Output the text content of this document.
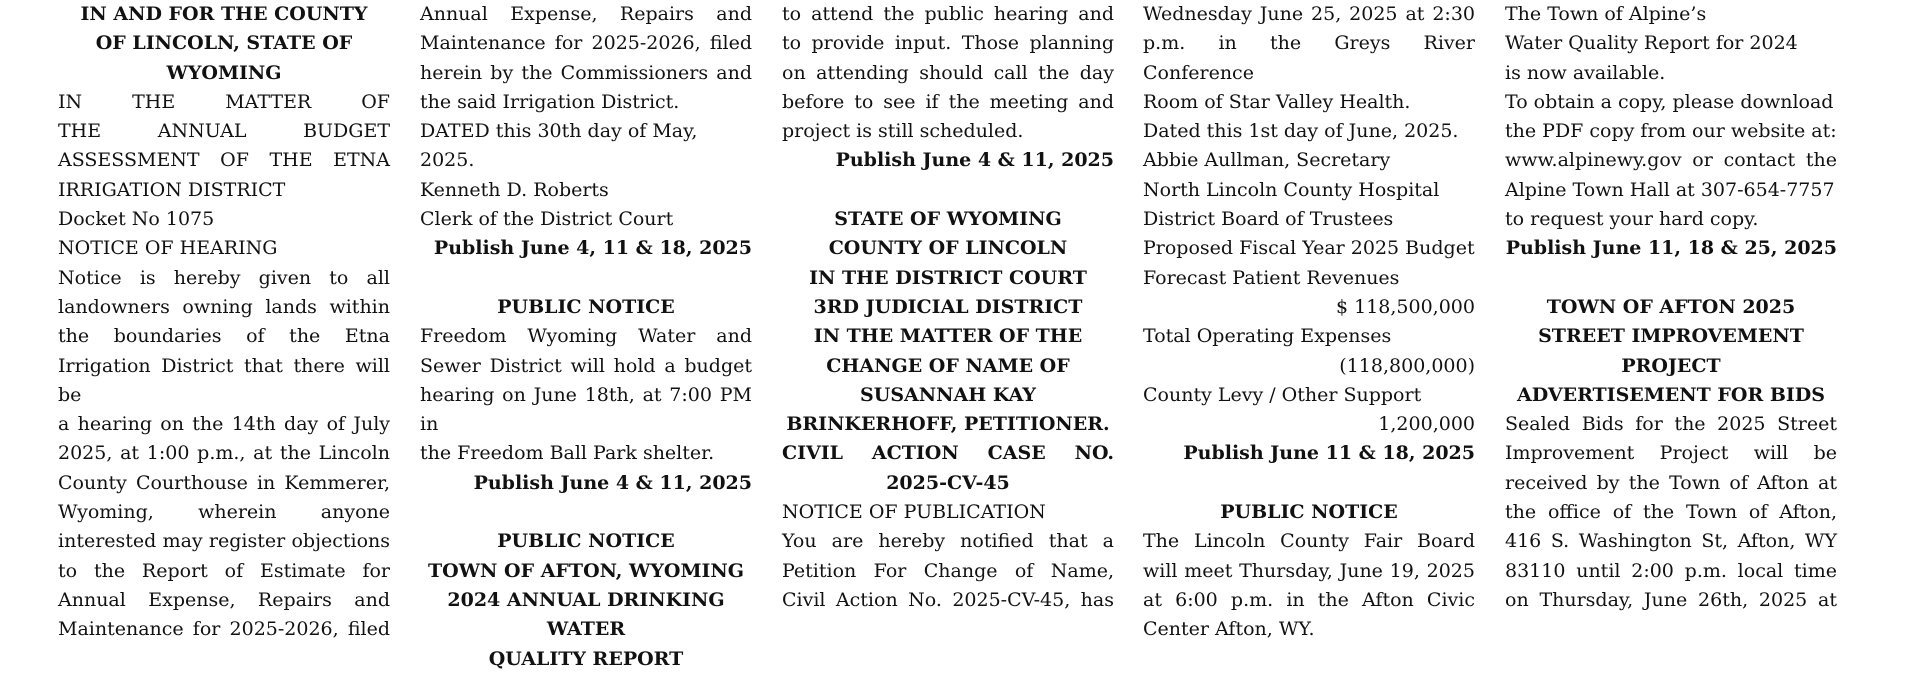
IN AND FOR THE COUNTY
OF LINCOLN, STATE OF
WYOMING
IN THE MATTER OF
THE ANNUAL BUDGET
ASSESSMENT OF THE ETNA
IRRIGATION DISTRICT
Docket No 1075
NOTICE OF HEARING
Notice is hereby given to all
landowners owning lands within
the boundaries of the Etna
Irrigation District that there will be
a hearing on the 14th day of July
2025, at 1:00 p.m., at the Lincoln
County Courthouse in Kemmerer,
Wyoming, wherein anyone
interested may register objections
to the Report of Estimate for
Annual Expense, Repairs and
Maintenance for 2025-2026, filed
Annual Expense, Repairs and
Maintenance for 2025-2026, filed
herein by the Commissioners and
the said Irrigation District.
DATED this 30th day of May, 2025.
Kenneth D. Roberts
Clerk of the District Court
Publish June 4, 11 & 18, 2025
PUBLIC NOTICE
Freedom Wyoming Water and
Sewer District will hold a budget
hearing on June 18th, at 7:00 PM in
the Freedom Ball Park shelter.
Publish June 4 & 11, 2025
PUBLIC NOTICE
TOWN OF AFTON, WYOMING
2024 ANNUAL DRINKING
WATER
QUALITY REPORT
to attend the public hearing and
to provide input. Those planning
on attending should call the day
before to see if the meeting and
project is still scheduled.
Publish June 4 & 11, 2025
STATE OF WYOMING
COUNTY OF LINCOLN
IN THE DISTRICT COURT
3RD JUDICIAL DISTRICT
IN THE MATTER OF THE
CHANGE OF NAME OF
SUSANNAH KAY
BRINKERHOFF, PETITIONER.
CIVIL ACTION CASE NO.
2025-CV-45
NOTICE OF PUBLICATION
You are hereby notified that a
Petition For Change of Name,
Civil Action No. 2025-CV-45, has
Wednesday June 25, 2025 at 2:30
p.m. in the Greys River Conference
Room of Star Valley Health.
Dated this 1st day of June, 2025.
Abbie Aullman, Secretary
North Lincoln County Hospital
District Board of Trustees
Proposed Fiscal Year 2025 Budget
Forecast Patient Revenues
$ 118,500,000
Total Operating Expenses
(118,800,000)
County Levy / Other Support
1,200,000
Publish June 11 & 18, 2025
PUBLIC NOTICE
The Lincoln County Fair Board
will meet Thursday, June 19, 2025
at 6:00 p.m. in the Afton Civic
Center Afton, WY.
The Town of Alpine’s
Water Quality Report for 2024
is now available.
To obtain a copy, please download
the PDF copy from our website at:
www.alpinewy.gov or contact the
Alpine Town Hall at 307-654-7757
to request your hard copy.
Publish June 11, 18 & 25, 2025
TOWN OF AFTON 2025
STREET IMPROVEMENT
PROJECT
ADVERTISEMENT FOR BIDS
Sealed Bids for the 2025 Street
Improvement Project will be
received by the Town of Afton at
the office of the Town of Afton,
416 S. Washington St, Afton, WY
83110 until 2:00 p.m. local time
on Thursday, June 26th, 2025 at
